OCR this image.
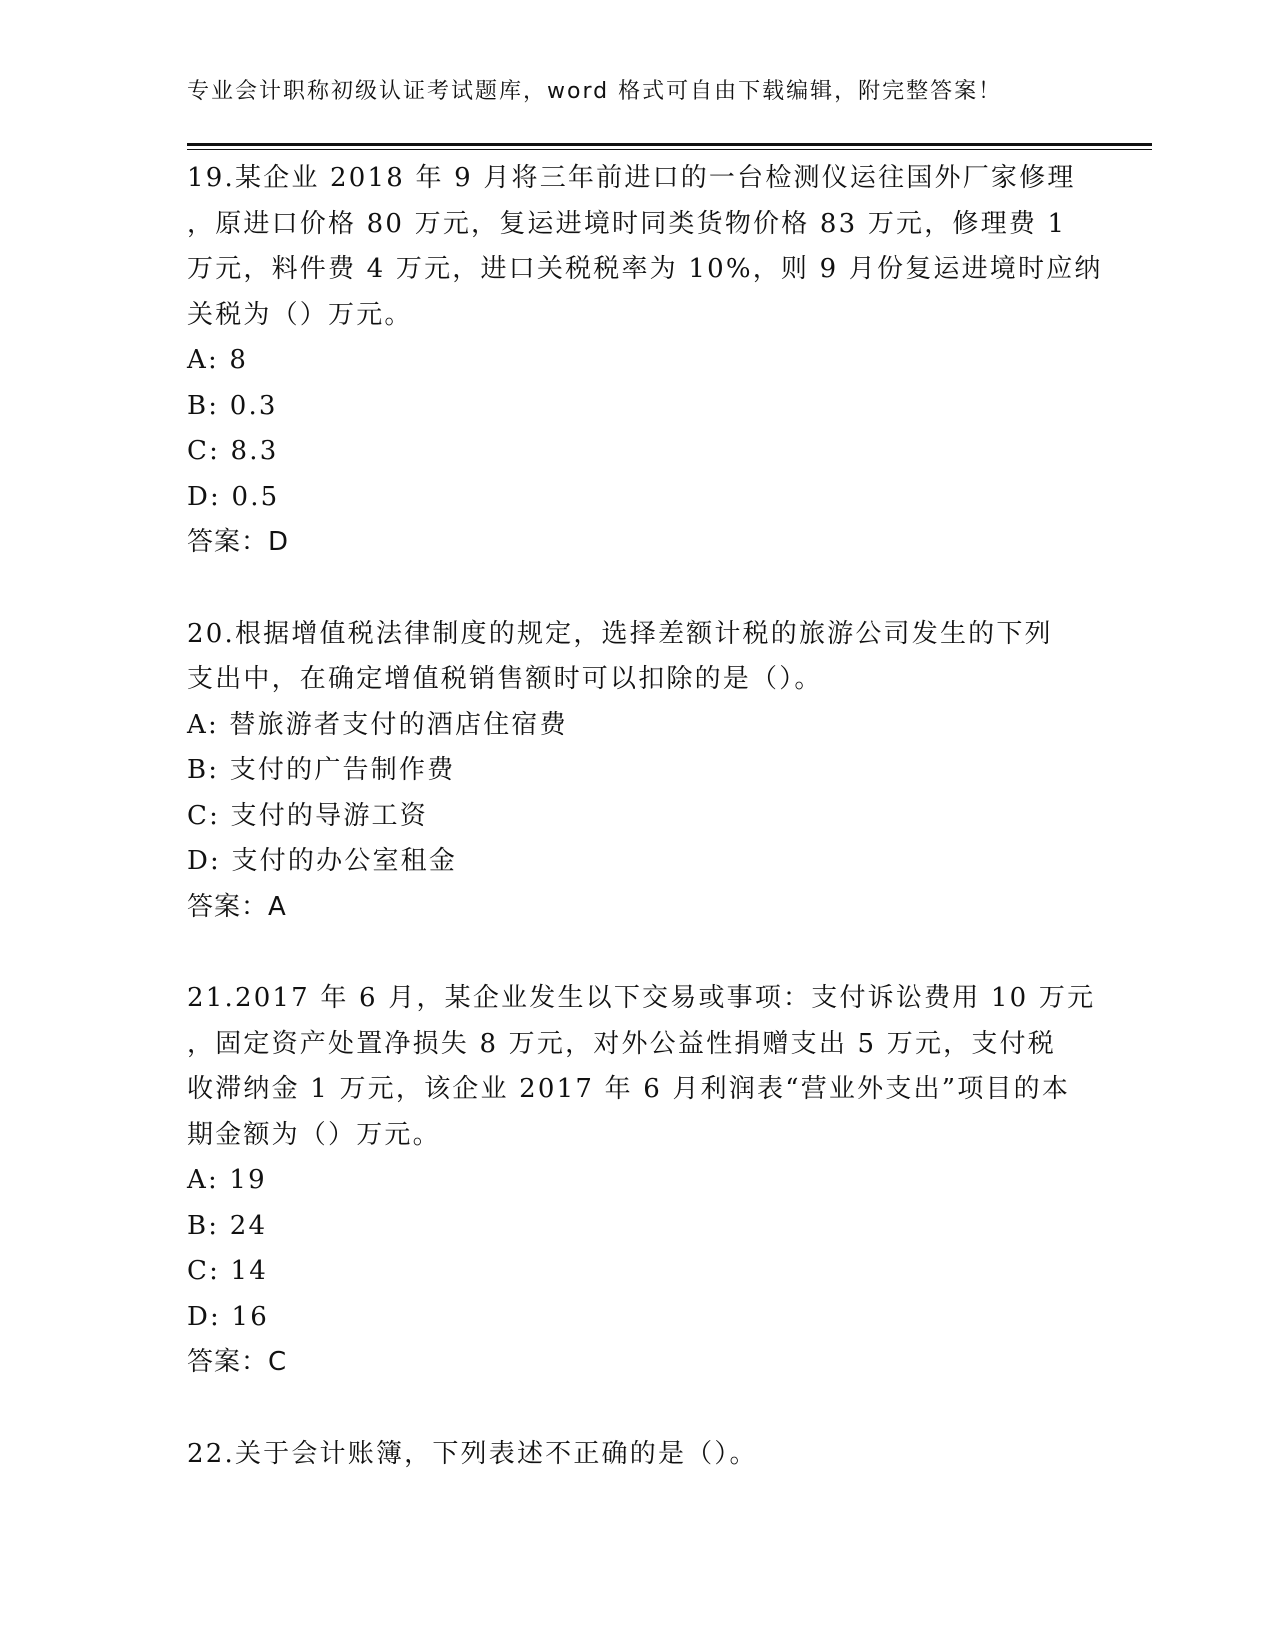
专业会计职称初级认证考试题库，word 格式可自由下载编辑，附完整答案！
19.某企业 2018 年 9 月将三年前进口的一台检测仪运往国外厂家修理
，原进口价格 80 万元，复运进境时同类货物价格 83 万元，修理费 1
万元，料件费 4 万元，进口关税税率为 10%，则 9 月份复运进境时应纳
关税为（）万元。
A: 8
B: 0.3
C: 8.3
D: 0.5
答案：D
20.根据增值税法律制度的规定，选择差额计税的旅游公司发生的下列
支出中，在确定增值税销售额时可以扣除的是（）。
A: 替旅游者支付的酒店住宿费
B: 支付的广告制作费
C: 支付的导游工资
D: 支付的办公室租金
答案：A
21.2017 年 6 月，某企业发生以下交易或事项：支付诉讼费用 10 万元
，固定资产处置净损失 8 万元，对外公益性捐赠支出 5 万元，支付税
收滞纳金 1 万元，该企业 2017 年 6 月利润表“营业外支出”项目的本
期金额为（）万元。
A: 19
B: 24
C: 14
D: 16
答案：C
22.关于会计账簿，下列表述不正确的是（）。
